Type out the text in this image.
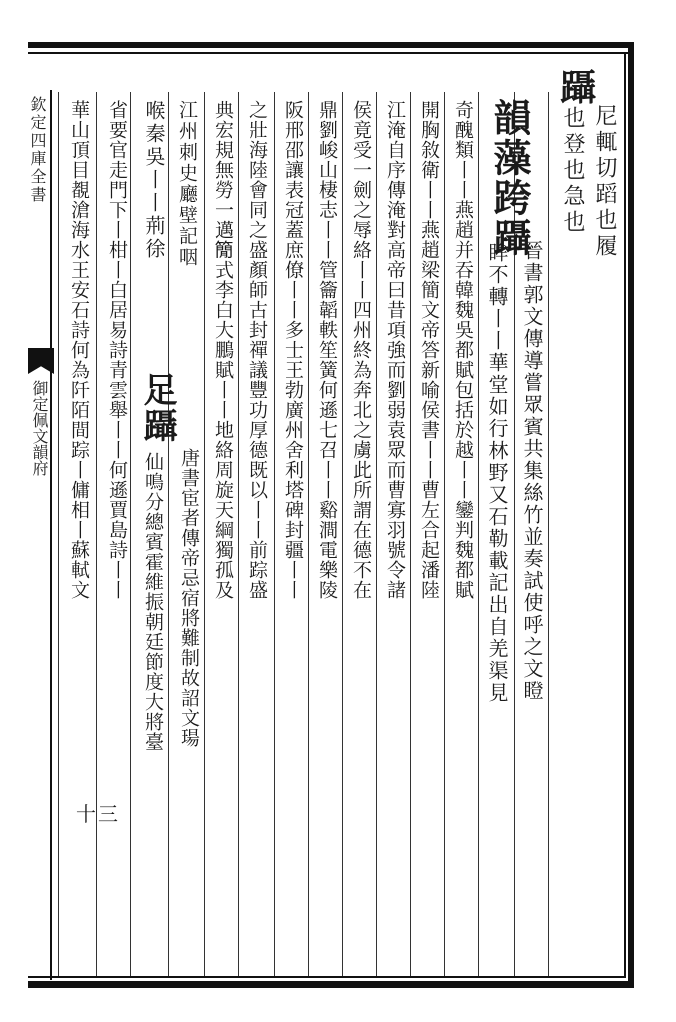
欽定四庫全書
御定佩文韻府
躡
尼輒切蹈也履
也登也急也
韻藻跨躡
晉書郭文傳導嘗眾賓共集絲竹並奏試使呼之文瞪
眸不轉丨丨華堂如行林野又石勒載記出自羌渠見
奇醜類丨丨燕趙并吞韓魏吳都賦包括於越丨丨鑾判魏都賦
開胸敘衛丨丨燕趙梁簡文帝答新喻侯書丨丨曹左合起潘陸
江淹自序傳淹對高帝曰昔項強而劉弱袁眾而曹寡羽號令諸
侯竟受一劍之辱絡丨丨四州終為奔北之虜此所謂在德不在
鼎劉峻山棲志丨丨管籥韜軼笙簧何遜七召丨丨谿澗電樂陵
阪邢邵讓表冠蓋庶僚丨丨多士王勃廣州舍利塔碑封疆丨丨
之壯海陸會同之盛顏師古封禪議豐功厚德既以丨丨前踪盛
典宏規無勞一邁𥳑式李白大鵬賦丨丨地絡周旋天綱獨孤及
江州刺史廳壁記咽
喉秦吳丨丨荊徐
足躡
唐書宦者傳帝忌宿將難制故詔文瑒
仙鳴分總賓霍維振朝廷節度大將臺
省要官走門下丨柑丨白居易詩青雲舉丨丨何遜賈島詩丨丨
華山頂目覩滄海水王安石詩何為阡陌間踪丨傭相丨蘇軾文
十三
